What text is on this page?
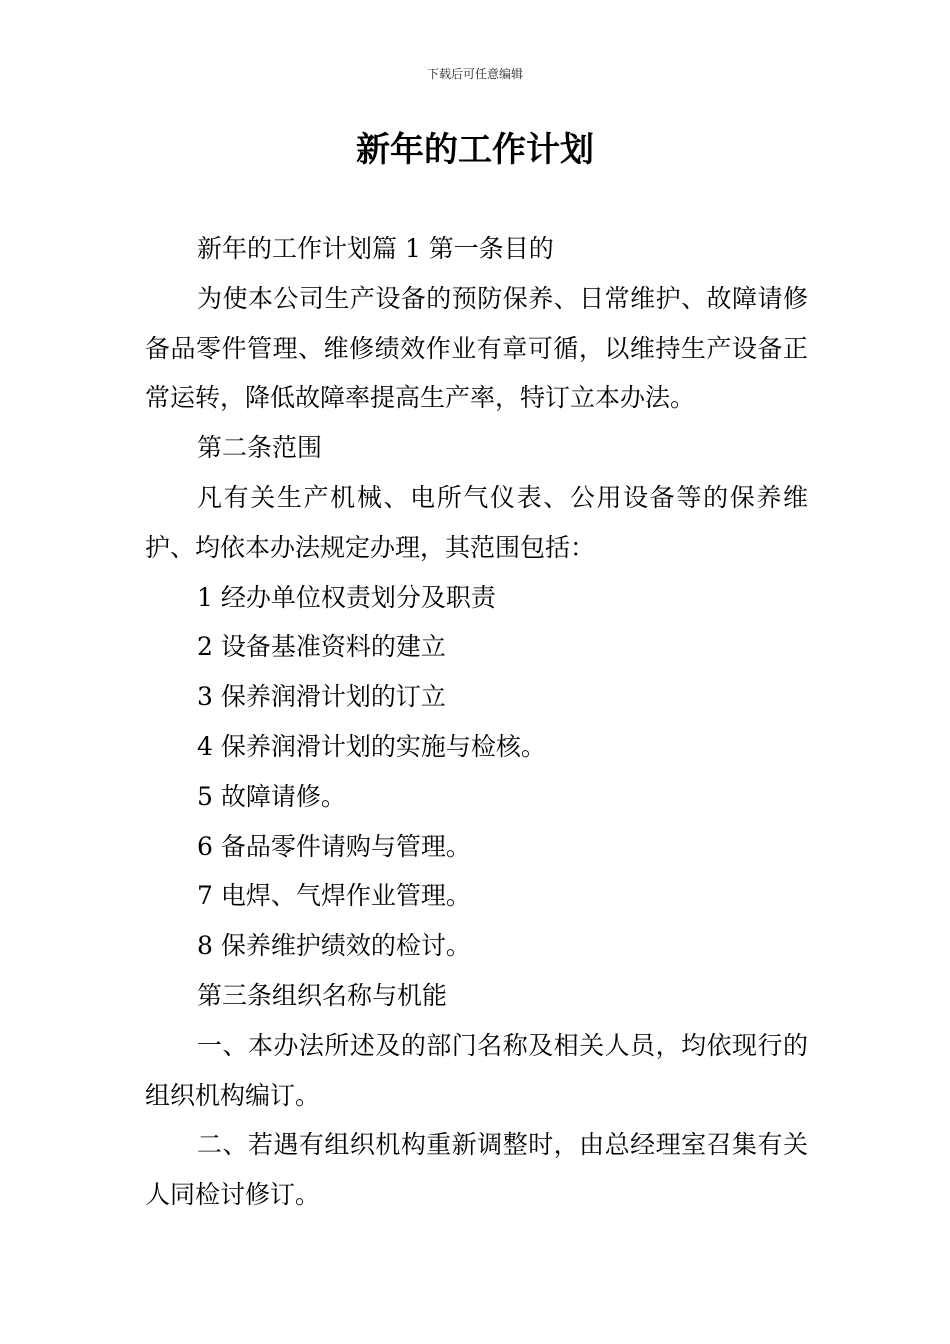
下载后可任意编辑
新年的工作计划

新年的工作计划篇 1 第一条目的

为使本公司生产设备的预防保养、日常维护、故障请修备品零件管理、维修绩效作业有章可循，以维持生产设备正常运转，降低故障率提高生产率，特订立本办法。

第二条范围

凡有关生产机械、电所气仪表、公用设备等的保养维护、均依本办法规定办理，其范围包括：

1 经办单位权责划分及职责

2 设备基准资料的建立

3 保养润滑计划的订立

4 保养润滑计划的实施与检核。

5 故障请修。

6 备品零件请购与管理。

7 电焊、气焊作业管理。

8 保养维护绩效的检讨。

第三条组织名称与机能

一、本办法所述及的部门名称及相关人员，均依现行的组织机构编订。

二、若遇有组织机构重新调整时，由总经理室召集有关人同检讨修订。
